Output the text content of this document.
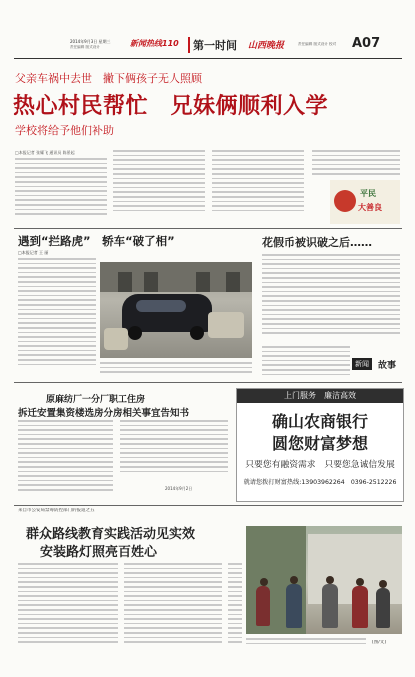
2014年9月3日 星期三
责任编辑 版式设计	新闻热线110	第一时间 山西晚报	责任编辑 版式设计 校对	A07
父亲车祸中去世　撇下俩孩子无人照顾
热心村民帮忙　兄妹俩顺利入学
学校将给予他们补助
□本报记者 张耀飞 通讯员 陈景起
平民
大善良
遇到“拦路虎”　轿车“破了相”
□本报记者 王 丽
花假币被识破之后……
新闻	故事
原麻纺厂一分厂职工住房
拆迁安置集资楼选房分房相关事宜告知书
2014年9月2日
上门服务　廉洁高效
确山农商银行
圆您财富梦想
只要您有融资需求　只要您急诚信发展
就请您拨打财富热线:13903962264　0396-2512226
来自市公安局禁毒防控部门的报道之五
群众路线教育实践活动见实效
安装路灯照亮百姓心
[图/文]
